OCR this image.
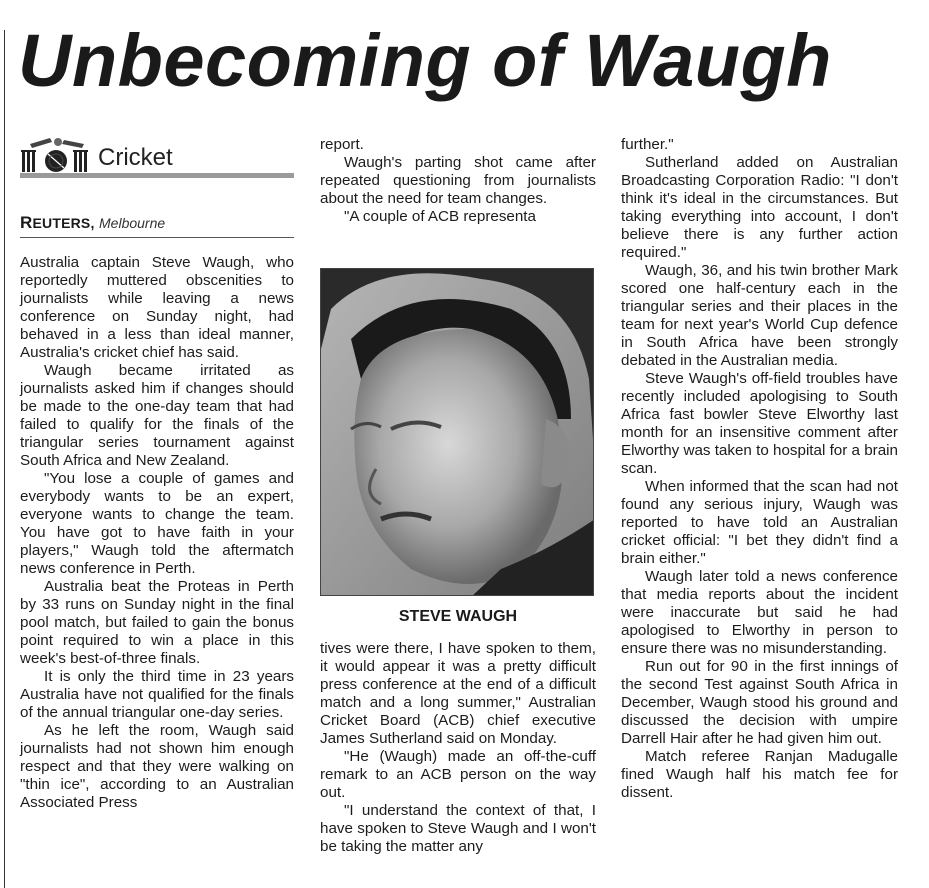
Unbecoming of Waugh
Cricket
REUTERS, Melbourne

Australia captain Steve Waugh, who reportedly muttered obscenities to journalists while leaving a news conference on Sunday night, had behaved in a less than ideal manner, Australia's cricket chief has said.

Waugh became irritated as journalists asked him if changes should be made to the one-day team that had failed to qualify for the finals of the triangular series tournament against South Africa and New Zealand.

"You lose a couple of games and everybody wants to be an expert, everyone wants to change the team. You have got to have faith in your players," Waugh told the aftermatch news conference in Perth.

Australia beat the Proteas in Perth by 33 runs on Sunday night in the final pool match, but failed to gain the bonus point required to win a place in this week's best-of-three finals.

It is only the third time in 23 years Australia have not qualified for the finals of the annual triangular one-day series.

As he left the room, Waugh said journalists had not shown him enough respect and that they were walking on "thin ice", according to an Australian Associated Press

report.

Waugh's parting shot came after repeated questioning from journalists about the need for team changes.

"A couple of ACB representa

STEVE WAUGH

tives were there, I have spoken to them, it would appear it was a pretty difficult press conference at the end of a difficult match and a long summer," Australian Cricket Board (ACB) chief executive James Sutherland said on Monday.

"He (Waugh) made an off-the-cuff remark to an ACB person on the way out.

"I understand the context of that, I have spoken to Steve Waugh and I won't be taking the matter any

further."

Sutherland added on Australian Broadcasting Corporation Radio: "I don't think it's ideal in the circumstances. But taking everything into account, I don't believe there is any further action required."

Waugh, 36, and his twin brother Mark scored one half-century each in the triangular series and their places in the team for next year's World Cup defence in South Africa have been strongly debated in the Australian media.

Steve Waugh's off-field troubles have recently included apologising to South Africa fast bowler Steve Elworthy last month for an insensitive comment after Elworthy was taken to hospital for a brain scan.

When informed that the scan had not found any serious injury, Waugh was reported to have told an Australian cricket official: "I bet they didn't find a brain either."

Waugh later told a news conference that media reports about the incident were inaccurate but said he had apologised to Elworthy in person to ensure there was no misunderstanding.

Run out for 90 in the first innings of the second Test against South Africa in December, Waugh stood his ground and discussed the decision with umpire Darrell Hair after he had given him out.

Match referee Ranjan Madugalle fined Waugh half his match fee for dissent.
